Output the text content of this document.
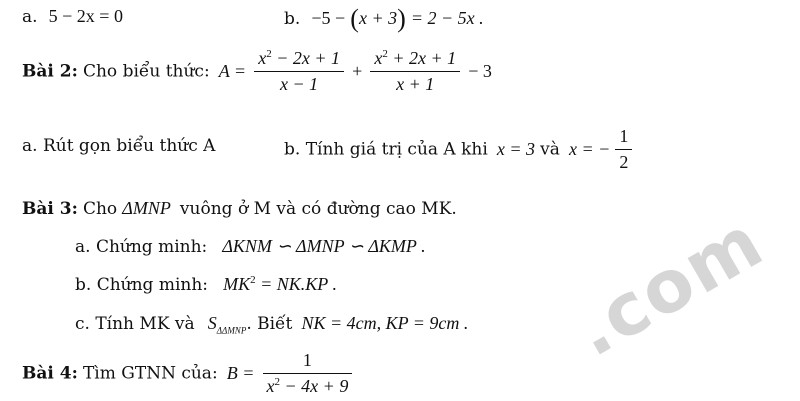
a. 5 − 2x = 0	b. −5 − (x + 3) = 2 − 5x .
Bài 2: Cho biểu thức: $A = \frac{x^2 - 2x + 1}{x - 1} + \frac{x^2 + 2x + 1}{x + 1} - 3$
a. Rút gọn biểu thức A	b. Tính giá trị của A khi x = 3 và x = − $\frac{1}{2}$
Bài 3: Cho ΔMNP vuông ở M và có đường cao MK.
a. Chứng minh: ΔKNM ∽ ΔMNP ∽ ΔKMP .
b. Chứng minh: $MK^2 = NK.KP$ .
c. Tính MK và $S_{\Delta\Delta MNP}$. Biết NK = 4cm, KP = 9cm .
Bài 4: Tìm GTNN của: $B = \frac{1}{x^2 - 4x + 9}$
.com
